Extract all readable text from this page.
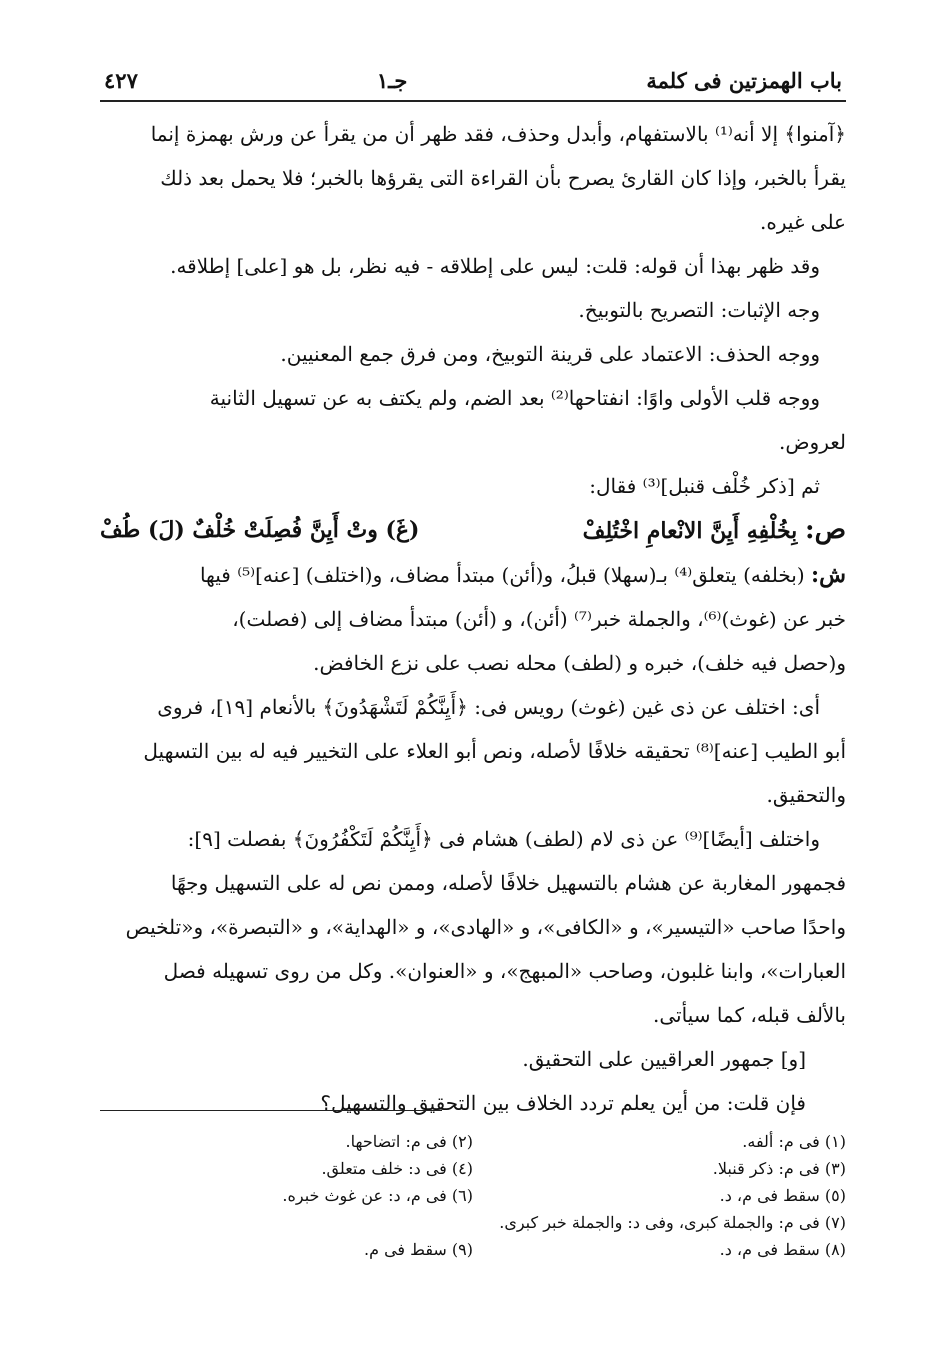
باب الهمزتين فى كلمة
جـ١
٤٢٧

﴿آمنوا﴾ إلا أنه⁽¹⁾ بالاستفهام، وأبدل وحذف، فقد ظهر أن من يقرأ عن ورش بهمزة إنما

يقرأ بالخبر، وإذا كان القارئ يصرح بأن القراءة التى يقرؤها بالخبر؛ فلا يحمل بعد ذلك

على غيره.

وقد ظهر بهذا أن قوله: قلت: ليس على إطلاقه - فيه نظر، بل هو [على] إطلاقه.

وجه الإثبات: التصريح بالتوبيخ.

ووجه الحذف: الاعتماد على قرينة التوبيخ، ومن فرق جمع المعنيين.

ووجه قلب الأولى واوًا: انفتاحها⁽²⁾ بعد الضم، ولم يكتف به عن تسهيل الثانية

لعروض.

ثم [ذكر خُلْف قنبل]⁽³⁾ فقال:

ص: بِخُلْفِهِ أَيِنَّ الانْعامِ اخْتُلِفْ
(غَ) وتْ أَيِنَّ فُصِلَتْ خُلْفٌ (لَ) طُفْ

ش: (بخلفه) يتعلق⁽⁴⁾ بـ(سهلا) قبلُ، و(أئن) مبتدأ مضاف، و(اختلف) [عنه]⁽⁵⁾ فيها

خبر عن (غوث)⁽⁶⁾، والجملة خبر⁽⁷⁾ (أئن)، و (أئن) مبتدأ مضاف إلى (فصلت)،

و(حصل فيه خلف)، خبره و (لطف) محله نصب على نزع الخافض.

أى: اختلف عن ذى غين (غوث) رويس فى: ﴿أَيِنَّكُمْ لَتَشْهَدُونَ﴾ بالأنعام [١٩]، فروى

أبو الطيب [عنه]⁽⁸⁾ تحقيقه خلافًا لأصله، ونص أبو العلاء على التخيير فيه له بين التسهيل

والتحقيق.

واختلف [أيضًا]⁽⁹⁾ عن ذى لام (لطف) هشام فى ﴿أَيِنَّكُمْ لَتَكْفُرُونَ﴾ بفصلت [٩]:

فجمهور المغاربة عن هشام بالتسهيل خلافًا لأصله، وممن نص له على التسهيل وجهًا

واحدًا صاحب «التيسير»، و «الكافى»، و «الهادى»، و «الهداية»، و «التبصرة»، و«تلخيص

العبارات»، وابنا غلبون، وصاحب «المبهج»، و «العنوان». وكل من روى تسهيله فصل

بالألف قبله، كما سيأتى.

[و] جمهور العراقيين على التحقيق.

فإن قلت: من أين يعلم تردد الخلاف بين التحقيق والتسهيل؟

(١) فى م: ألفه.
(٢) فى م: اتضاحها.
(٣) فى م: ذكر قنبلا.
(٤) فى د: خلف متعلق.
(٥) سقط فى م، د.
(٦) فى م، د: عن غوث خبره.
(٧) فى م: والجملة كبرى، وفى د: والجملة خبر كبرى.
(٨) سقط فى م، د.
(٩) سقط فى م.
